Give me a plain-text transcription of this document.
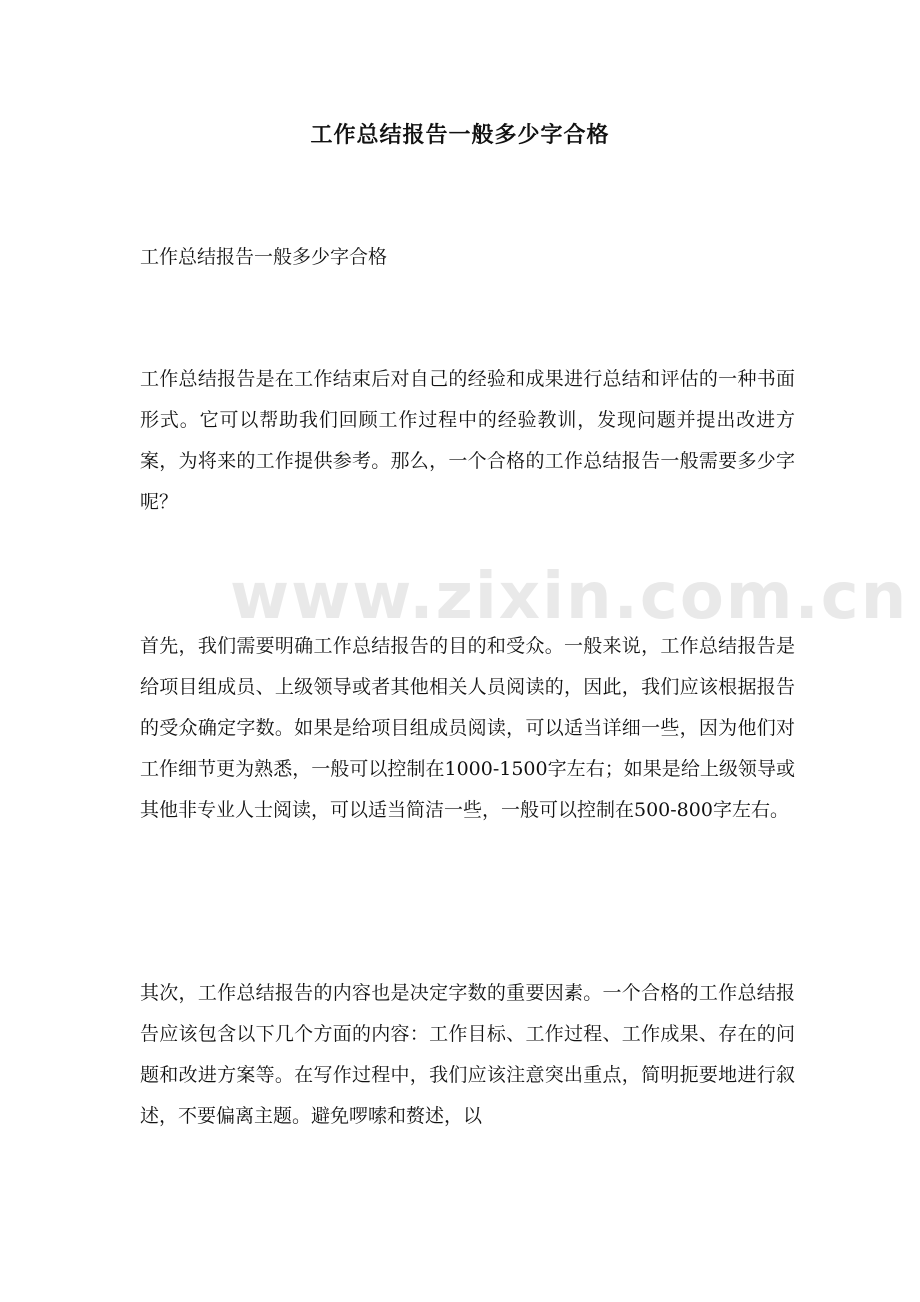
www.zixin.com.cn
工作总结报告一般多少字合格
工作总结报告一般多少字合格

工作总结报告是在工作结束后对自己的经验和成果进行总结和评估的一种书面形式。它可以帮助我们回顾工作过程中的经验教训，发现问题并提出改进方案，为将来的工作提供参考。那么，一个合格的工作总结报告一般需要多少字呢？

首先，我们需要明确工作总结报告的目的和受众。一般来说，工作总结报告是给项目组成员、上级领导或者其他相关人员阅读的，因此，我们应该根据报告的受众确定字数。如果是给项目组成员阅读，可以适当详细一些，因为他们对工作细节更为熟悉，一般可以控制在1000-1500字左右；如果是给上级领导或其他非专业人士阅读，可以适当简洁一些，一般可以控制在500-800字左右。

其次，工作总结报告的内容也是决定字数的重要因素。一个合格的工作总结报告应该包含以下几个方面的内容：工作目标、工作过程、工作成果、存在的问题和改进方案等。在写作过程中，我们应该注意突出重点，简明扼要地进行叙述，不要偏离主题。避免啰嗦和赘述，以
